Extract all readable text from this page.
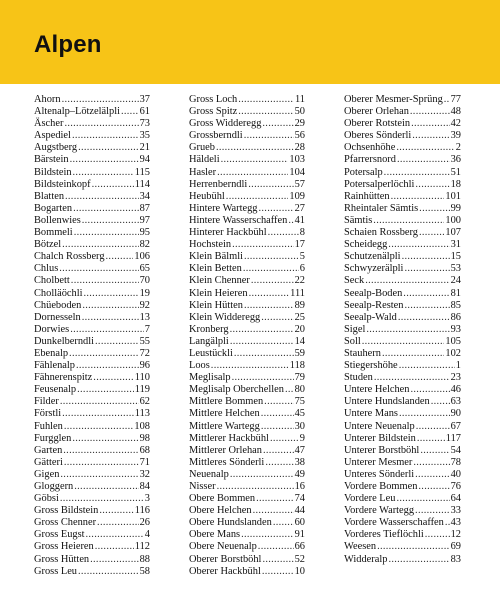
Alpen
Ahorn .....	37
Altenalp–Lötzelälpli ..... 61
Äscher .....	73
Aspediel .....	35
Augstberg .....	21
Bärstein .....	94
Bildstein .....	115
Bildsteinkopf .....	114
Blatten .....	34
Bogarten .....	87
Bollenwies .....	97
Bommeli .....	95
Bötzel .....	82
Chalch Rossberg .....	106
Chlus .....	65
Cholbett .....	70
Cholläöchli .....	19
Chüeboden .....	92
Dornesseln .....	13
Dorwies .....	7
Dunkelberndli .....	55
Ebenalp .....	72
Fählenalp .....	96
Fähnerenspitz .....	110
Feusenalp .....	119
Filder .....	62
Förstli .....	113
Fuhlen .....	108
Furgglen .....	98
Garten .....	68
Gätteri .....	71
Gigen .....	32
Gloggern .....	84
Göbsi .....	3
Gross Bildstein .....	116
Gross Chenner .....	26
Gross Eugst .....	4
Gross Heieren .....	112
Gross Hütten .....	88
Gross Leu .....	58
Gross Loch .....	11
Gross Spitz .....	50
Gross Widderegg .....	29
Grossberndli .....	56
Grueb .....	28
Häldeli .....	103
Hasler .....	104
Herrenberndli .....	57
Heubühl .....	109
Hintere Wartegg .....	27
Hintere Wasserschaffen ..... 41
Hinterer Hackbühl .....	8
Hochstein .....	17
Klein Bälmli .....	5
Klein Betten .....	6
Klein Chenner .....	22
Klein Heieren .....	111
Klein Hütten .....	89
Klein Widderegg .....	25
Kronberg .....	20
Langälpli .....	14
Leustückli .....	59
Loos .....	118
Meglisalp .....	79
Meglisalp Oberchellen ..... 80
Mittlere Bommen .....	75
Mittlere Helchen .....	45
Mittlere Wartegg .....	30
Mittlerer Hackbühl .....	9
Mittlerer Orlehan .....	47
Mittleres Sönderli .....	38
Neuenalp .....	49
Nisser .....	16
Obere Bommen .....	74
Obere Helchen .....	44
Obere Hundslanden ..... 60
Obere Mans .....	91
Obere Neuenalp .....	66
Oberer Borstböhl .....	52
Oberer Hackbühl .....	10
Oberer Mesmer-Sprüng ..... 77
Oberer Orlehan .....	48
Oberer Rotstein .....	42
Oberes Sönderli .....	39
Ochsenhöhe .....	2
Pfarrersnord .....	36
Potersalp .....	51
Potersalperlöchli .....	18
Rainhütten .....	101
Rheintaler Sämtis .....	99
Sämtis .....	100
Schaien Rossberg .....	107
Scheidegg .....	31
Schutzenälpli .....	15
Schwyzerälpli .....	53
Seck .....	24
Seealp-Boden .....	81
Seealp-Resten .....	85
Seealp-Wald .....	86
Sigel .....	93
Soll .....	105
Stauhern .....	102
Stiegershöhe .....	1
Studen .....	23
Untere Helchen .....	46
Untere Hundslanden ..... 63
Untere Mans .....	90
Untere Neuenalp .....	67
Unterer Bildstein .....	117
Unterer Borstböhl .....	54
Unterer Mesmer .....	78
Unteres Sönderli .....	40
Vordere Bommen .....	76
Vordere Leu .....	64
Vordere Wartegg .....	33
Vordere Wasserschaffen ..... 43
Vorderes Tieflöchli .....	12
Weesen .....	69
Widderalp .....	83
